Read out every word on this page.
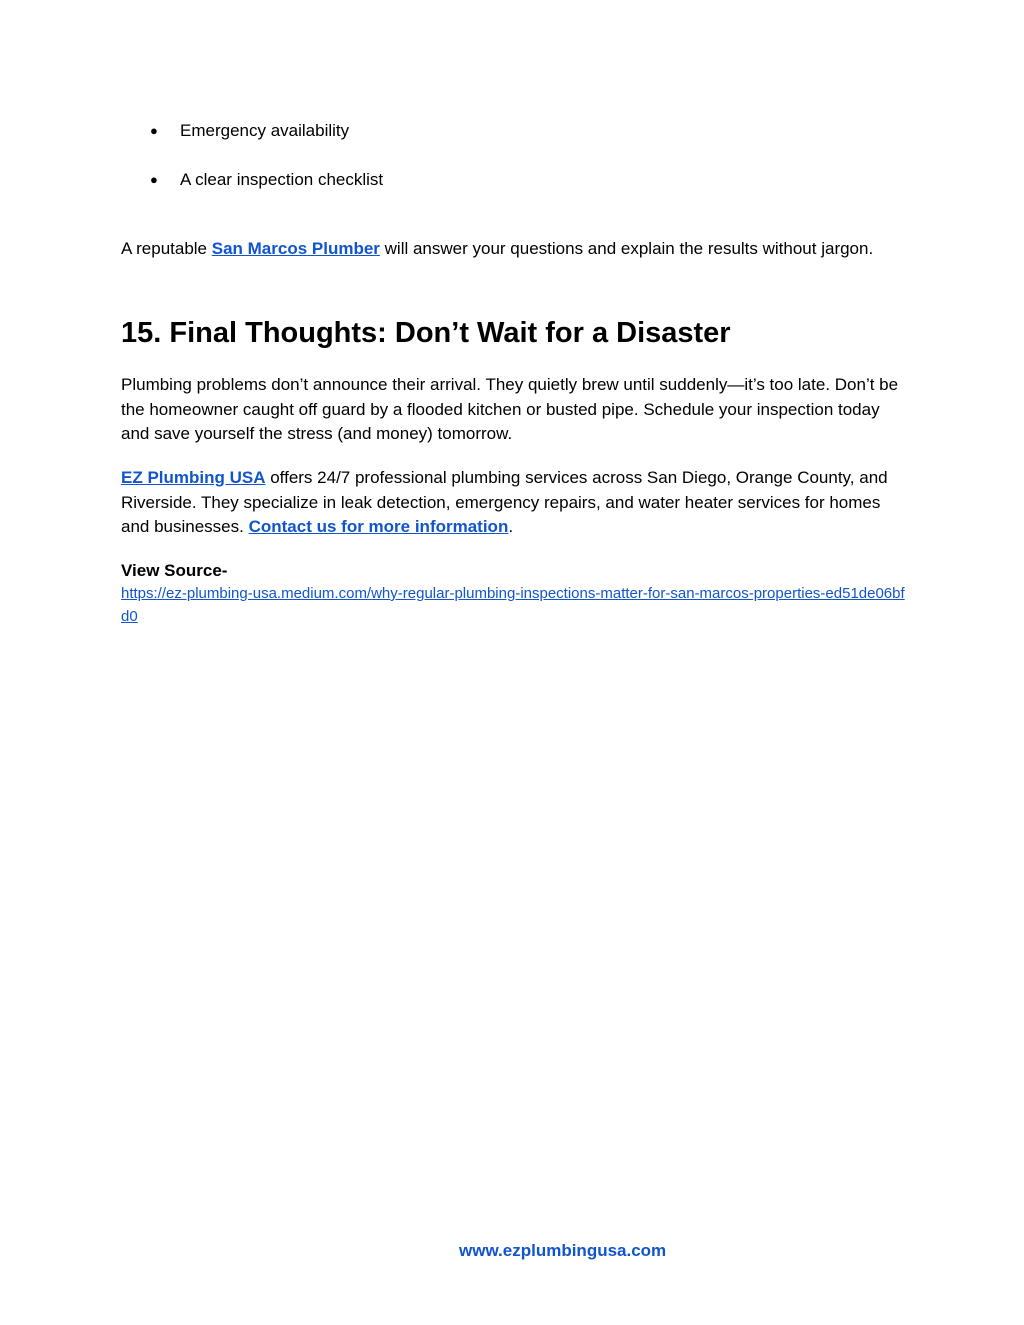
●	Emergency availability
●	A clear inspection checklist

A reputable San Marcos Plumber will answer your questions and explain the results without jargon.

15. Final Thoughts: Don’t Wait for a Disaster

Plumbing problems don’t announce their arrival. They quietly brew until suddenly—it’s too late. Don’t be the homeowner caught off guard by a flooded kitchen or busted pipe. Schedule your inspection today and save yourself the stress (and money) tomorrow.

EZ Plumbing USA offers 24/7 professional plumbing services across San Diego, Orange County, and Riverside. They specialize in leak detection, emergency repairs, and water heater services for homes and businesses. Contact us for more information.

View Source-
https://ez-plumbing-usa.medium.com/why-regular-plumbing-inspections-matter-for-san-marcos-properties-ed51de06bfd0
www.ezplumbingusa.com
